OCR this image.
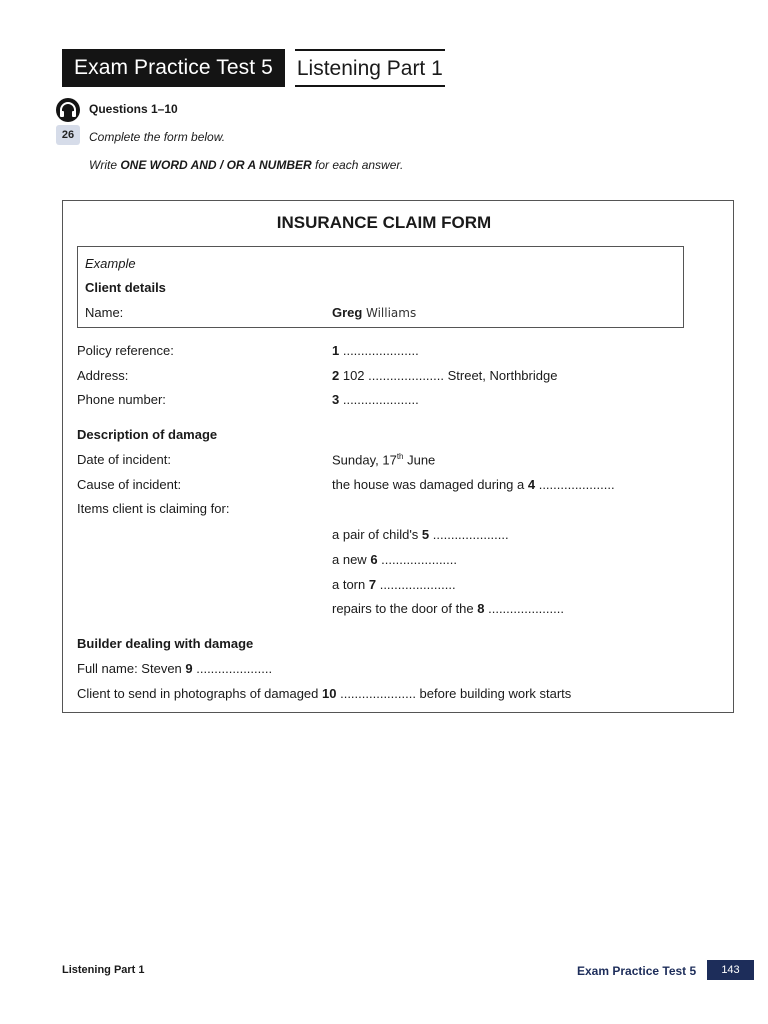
Exam Practice Test 5	Listening Part 1
26
Questions 1–10
Complete the form below.
Write ONE WORD AND / OR A NUMBER for each answer.
INSURANCE CLAIM FORM
Example
Client details
Name:	Greg Williams
Policy reference:	1 .....................
Address:	2 102 ..................... Street, Northbridge
Phone number:	3 .....................
Description of damage
Date of incident:	Sunday, 17th June
Cause of incident:	the house was damaged during a 4 .....................
Items client is claiming for:
a pair of child's 5 .....................
a new 6 .....................
a torn 7 .....................
repairs to the door of the 8 .....................
Builder dealing with damage
Full name: Steven 9 .....................
Client to send in photographs of damaged 10 ..................... before building work starts
Listening Part 1	Exam Practice Test 5	143
